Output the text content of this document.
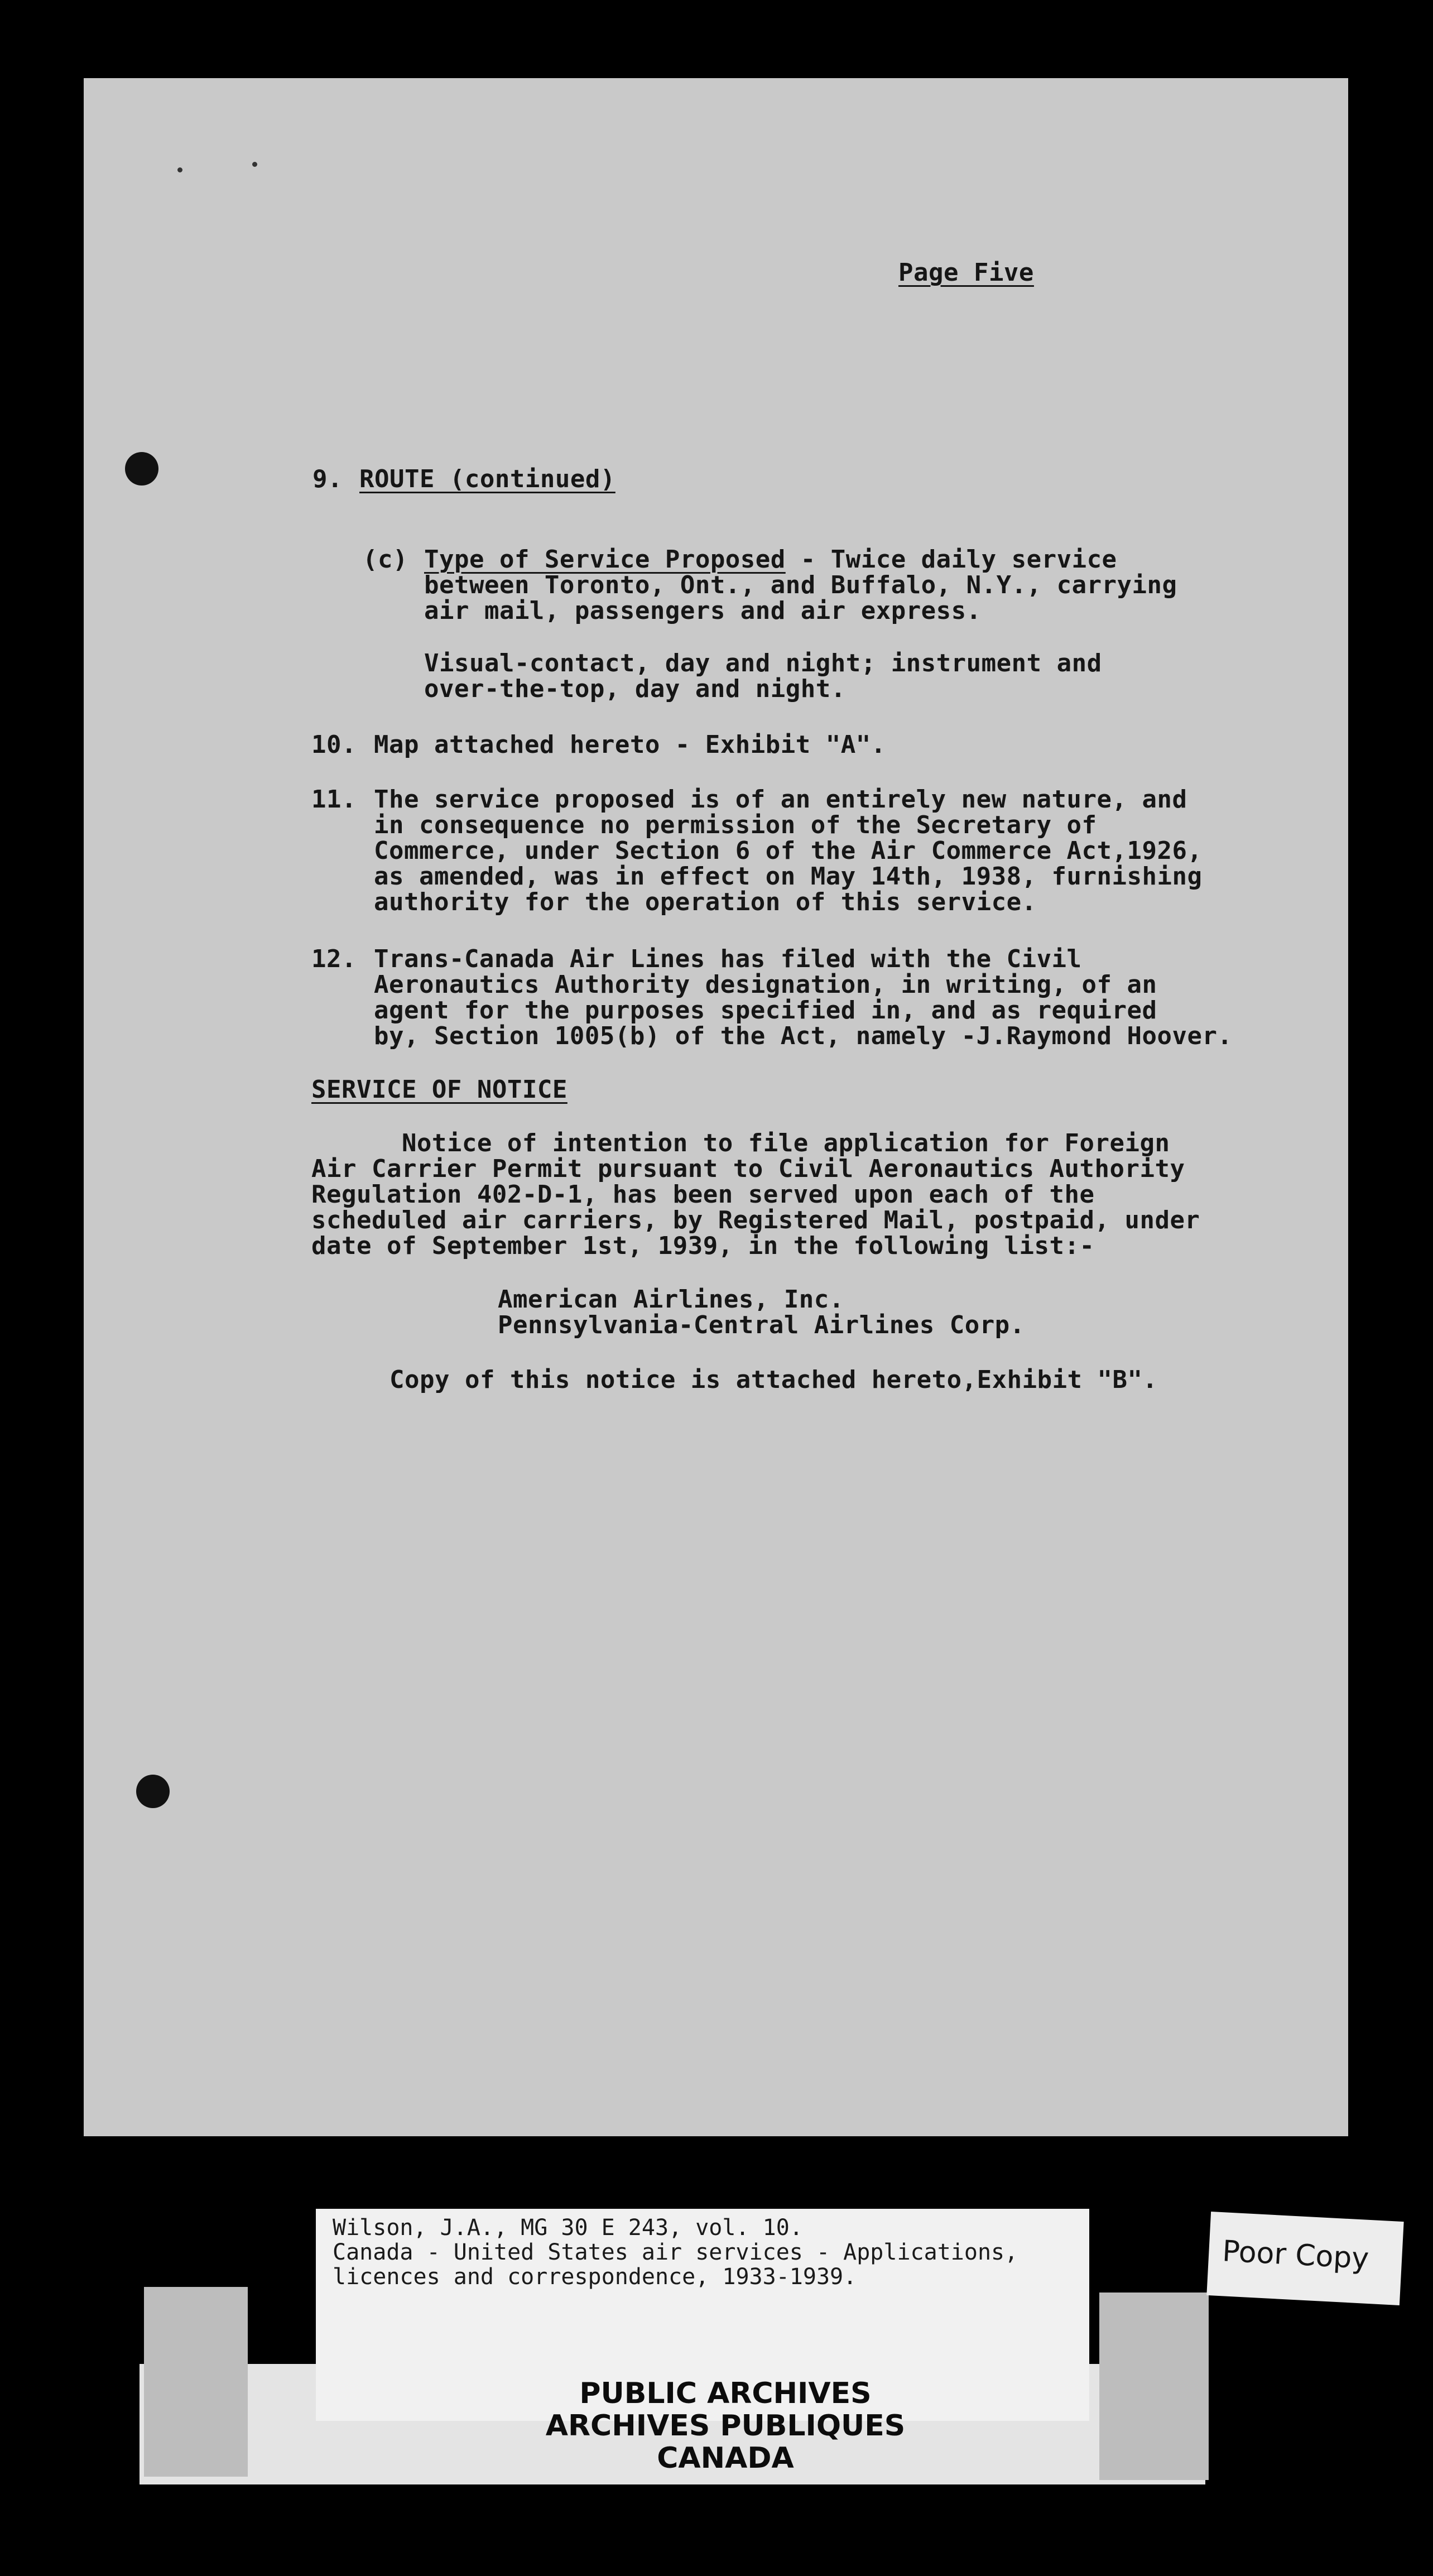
Page Five

9. ROUTE (continued)

(c) Type of Service Proposed - Twice daily service

between Toronto, Ont., and Buffalo, N.Y., carrying

air mail, passengers and air express.

Visual-contact, day and night; instrument and

over-the-top, day and night.

10. Map attached hereto - Exhibit "A".

11. The service proposed is of an entirely new nature, and

in consequence no permission of the Secretary of

Commerce, under Section 6 of the Air Commerce Act,1926,

as amended, was in effect on May 14th, 1938, furnishing

authority for the operation of this service.

12. Trans-Canada Air Lines has filed with the Civil

Aeronautics Authority designation, in writing, of an

agent for the purposes specified in, and as required

by, Section 1005(b) of the Act, namely -J.Raymond Hoover.

SERVICE OF NOTICE

Notice of intention to file application for Foreign

Air Carrier Permit pursuant to Civil Aeronautics Authority

Regulation 402-D-1, has been served upon each of the

scheduled air carriers, by Registered Mail, postpaid, under

date of September 1st, 1939, in the following list:-

American Airlines, Inc.

Pennsylvania-Central Airlines Corp.

Copy of this notice is attached hereto,Exhibit "B".

Wilson, J.A., MG 30 E 243, vol. 10.

Canada - United States air services - Applications,

licences and correspondence, 1933-1939.

PUBLIC ARCHIVES
ARCHIVES PUBLIQUES
CANADA
Poor Copy
